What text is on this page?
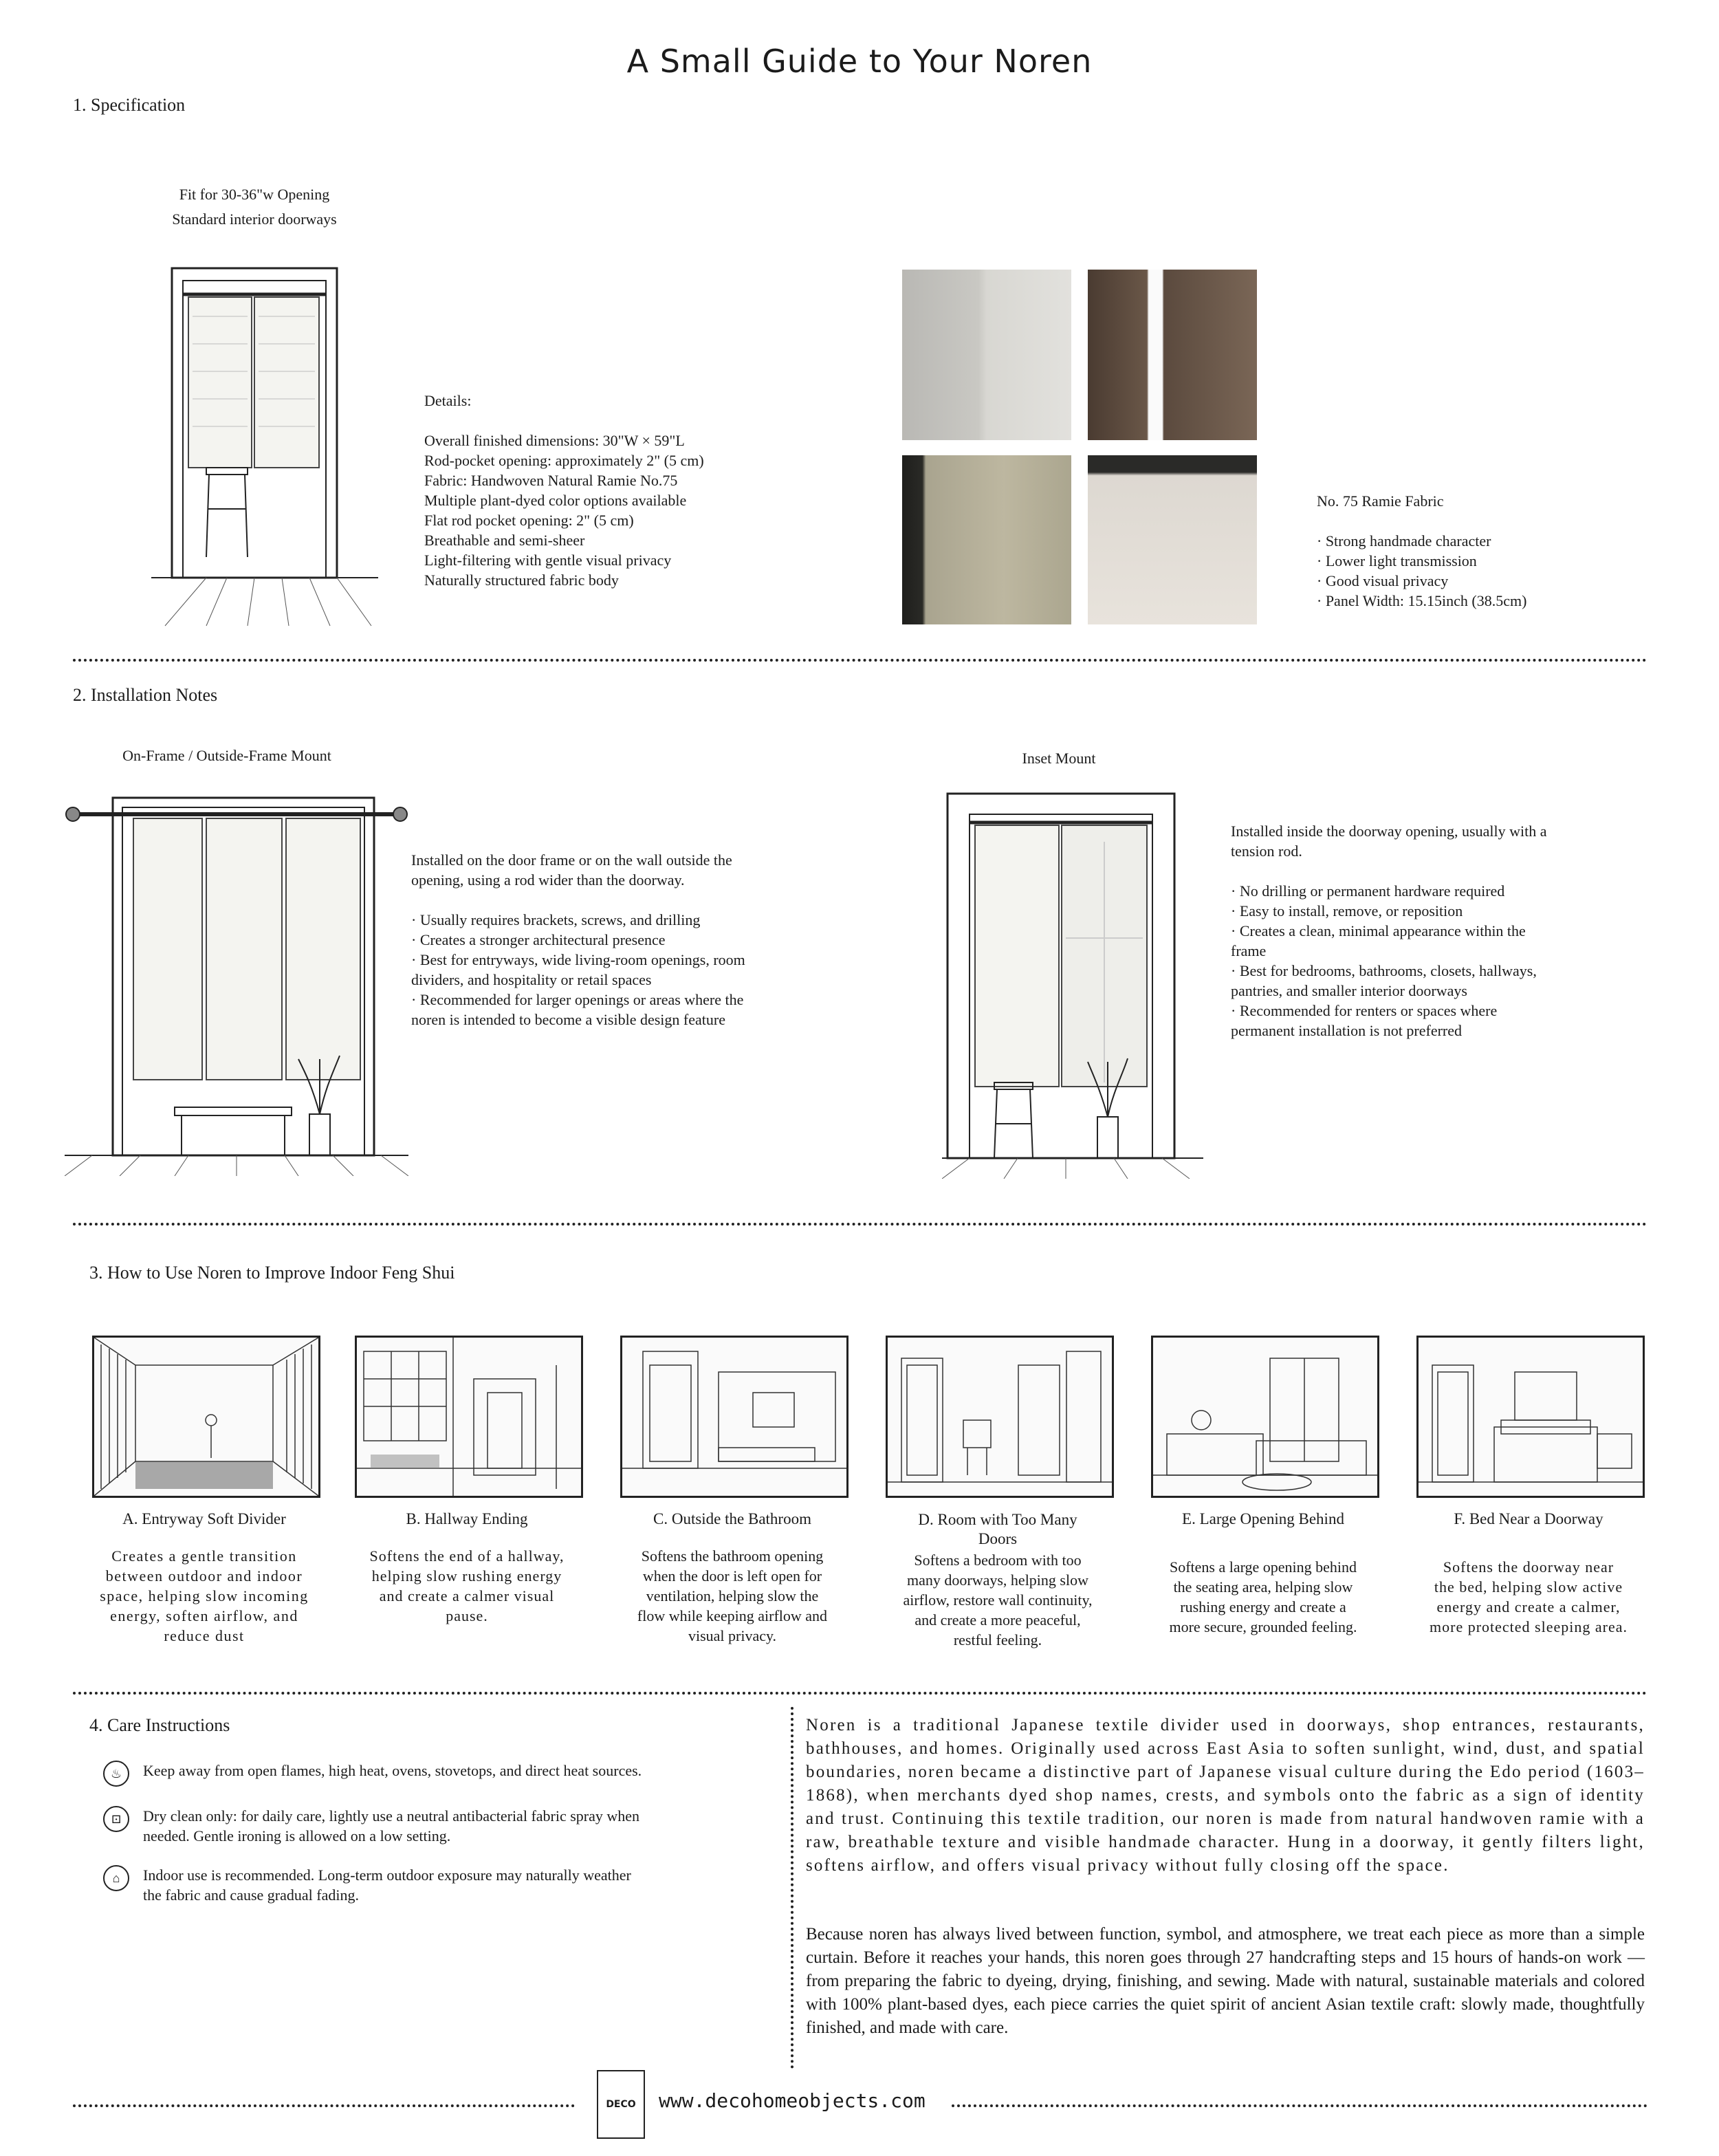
A Small Guide to Your Noren
1. Specification
Fit for 30-36"w Opening
Standard interior doorways
Details:
Overall finished dimensions: 30"W × 59"L
Rod-pocket opening: approximately 2" (5 cm)
Fabric: Handwoven Natural Ramie No.75
Multiple plant-dyed color options available
Flat rod pocket opening: 2" (5 cm)
Breathable and semi-sheer
Light-filtering with gentle visual privacy
Naturally structured fabric body
No. 75 Ramie Fabric
· Strong handmade character
· Lower light transmission
· Good visual privacy
· Panel Width: 15.15inch (38.5cm)
2. Installation Notes
On-Frame / Outside-Frame Mount
Installed on the door frame or on the wall outside the
opening, using a rod wider than the doorway.
· Usually requires brackets, screws, and drilling
· Creates a stronger architectural presence
· Best for entryways, wide living-room openings, room
dividers, and hospitality or retail spaces
· Recommended for larger openings or areas where the
noren is intended to become a visible design feature
Inset Mount
Installed inside the doorway opening, usually with a
tension rod.
· No drilling or permanent hardware required
· Easy to install, remove, or reposition
· Creates a clean, minimal appearance within the
frame
· Best for bedrooms, bathrooms, closets, hallways,
pantries, and smaller interior doorways
· Recommended for renters or spaces where
permanent installation is not preferred
3. How to Use Noren to Improve Indoor Feng Shui
A. Entryway Soft Divider
Creates a gentle transition
between outdoor and indoor
space, helping slow incoming
energy, soften airflow, and
reduce dust
B. Hallway Ending
Softens the end of a hallway,
helping slow rushing energy
and create a calmer visual
pause.
C. Outside the Bathroom
Softens the bathroom opening
when the door is left open for
ventilation, helping slow the
flow while keeping airflow and
visual privacy.
D. Room with Too Many Doors
Softens a bedroom with too
many doorways, helping slow
airflow, restore wall continuity,
and create a more peaceful,
restful feeling.
E. Large Opening Behind
Softens a large opening behind
the seating area, helping slow
rushing energy and create a
more secure, grounded feeling.
F. Bed Near a Doorway
Softens the doorway near
the bed, helping slow active
energy and create a calmer,
more protected sleeping area.
4. Care Instructions
♨	Keep away from open flames, high heat, ovens, stovetops, and direct heat sources.
⊡	Dry clean only: for daily care, lightly use a neutral antibacterial fabric spray when
needed. Gentle ironing is allowed on a low setting.
⌂	Indoor use is recommended. Long-term outdoor exposure may naturally weather
the fabric and cause gradual fading.
Noren is a traditional Japanese textile divider used in doorways, shop entrances, restaurants, bathhouses, and homes. Originally used across East Asia to soften sunlight, wind, dust, and spatial boundaries, noren became a distinctive part of Japanese visual culture during the Edo period (1603–1868), when merchants dyed shop names, crests, and symbols onto the fabric as a sign of identity and trust. Continuing this textile tradition, our noren is made from natural handwoven ramie with a raw, breathable texture and visible handmade character. Hung in a doorway, it gently filters light, softens airflow, and offers visual privacy without fully closing off the space.
Because noren has always lived between function, symbol, and atmosphere, we treat each piece as more than a simple curtain. Before it reaches your hands, this noren goes through 27 handcrafting steps and 15 hours of hands-on work — from preparing the fabric to dyeing, drying, finishing, and sewing. Made with natural, sustainable materials and colored with 100% plant-based dyes, each piece carries the quiet spirit of ancient Asian textile craft: slowly made, thoughtfully finished, and made with care.
DECO www.decohomeobjects.com
